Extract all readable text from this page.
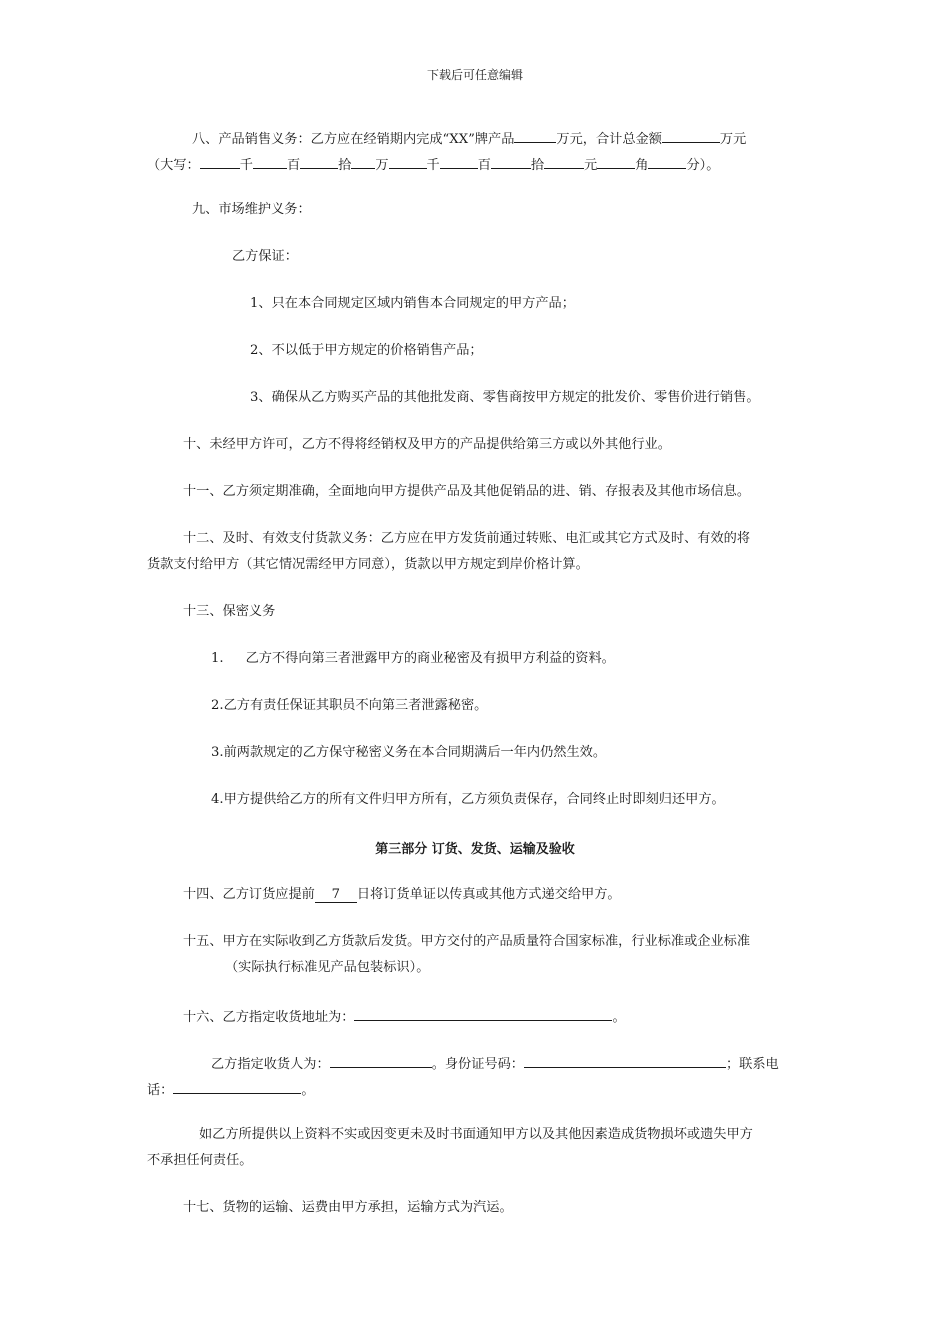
下载后可任意编辑
八、产品销售义务：乙方应在经销期内完成“XX”牌产品	万元，合计总金额	万元
（大写：	千	百	拾 万	千	百	拾	元	角	分）。
九、市场维护义务：
乙方保证：
1、只在本合同规定区域内销售本合同规定的甲方产品；
2、不以低于甲方规定的价格销售产品；
3、确保从乙方购买产品的其他批发商、零售商按甲方规定的批发价、零售价进行销售。
十、未经甲方许可，乙方不得将经销权及甲方的产品提供给第三方或以外其他行业。
十一、乙方须定期准确，全面地向甲方提供产品及其他促销品的进、销、存报表及其他市场信息。
十二、及时、有效支付货款义务：乙方应在甲方发货前通过转账、电汇或其它方式及时、有效的将
货款支付给甲方（其它情况需经甲方同意），货款以甲方规定到岸价格计算。
十三、保密义务
1. 乙方不得向第三者泄露甲方的商业秘密及有损甲方利益的资料。
2.乙方有责任保证其职员不向第三者泄露秘密。
3.前两款规定的乙方保守秘密义务在本合同期满后一年内仍然生效。
4.甲方提供给乙方的所有文件归甲方所有，乙方须负责保存，合同终止时即刻归还甲方。
第三部分 订货、发货、运输及验收
十四、乙方订货应提前 7 日将订货单证以传真或其他方式递交给甲方。
十五、甲方在实际收到乙方货款后发货。甲方交付的产品质量符合国家标准，行业标准或企业标准
（实际执行标准见产品包装标识）。
十六、乙方指定收货地址为：	。
乙方指定收货人为：	。身份证号码：	；联系电
话：	。
如乙方所提供以上资料不实或因变更未及时书面通知甲方以及其他因素造成货物损坏或遗失甲方
不承担任何责任。
十七、货物的运输、运费由甲方承担，运输方式为汽运。
